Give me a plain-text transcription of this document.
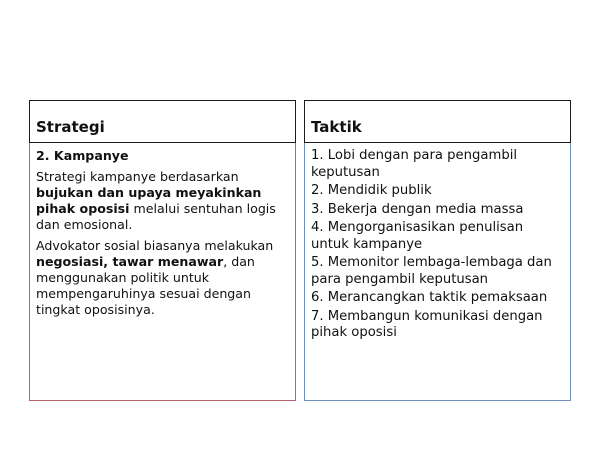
Strategi
2. Kampanye
Strategi kampanye berdasarkan bujukan dan upaya meyakinkan pihak oposisi melalui sentuhan logis dan emosional.
Advokator sosial biasanya melakukan negosiasi, tawar menawar, dan menggunakan politik untuk mempengaruhinya sesuai dengan tingkat oposisinya.
Taktik
1. Lobi dengan para pengambil keputusan
2. Mendidik publik
3. Bekerja dengan media massa
4. Mengorganisasikan penulisan untuk kampanye
5. Memonitor lembaga-lembaga dan para pengambil keputusan
6. Merancangkan taktik pemaksaan
7. Membangun komunikasi dengan pihak oposisi
